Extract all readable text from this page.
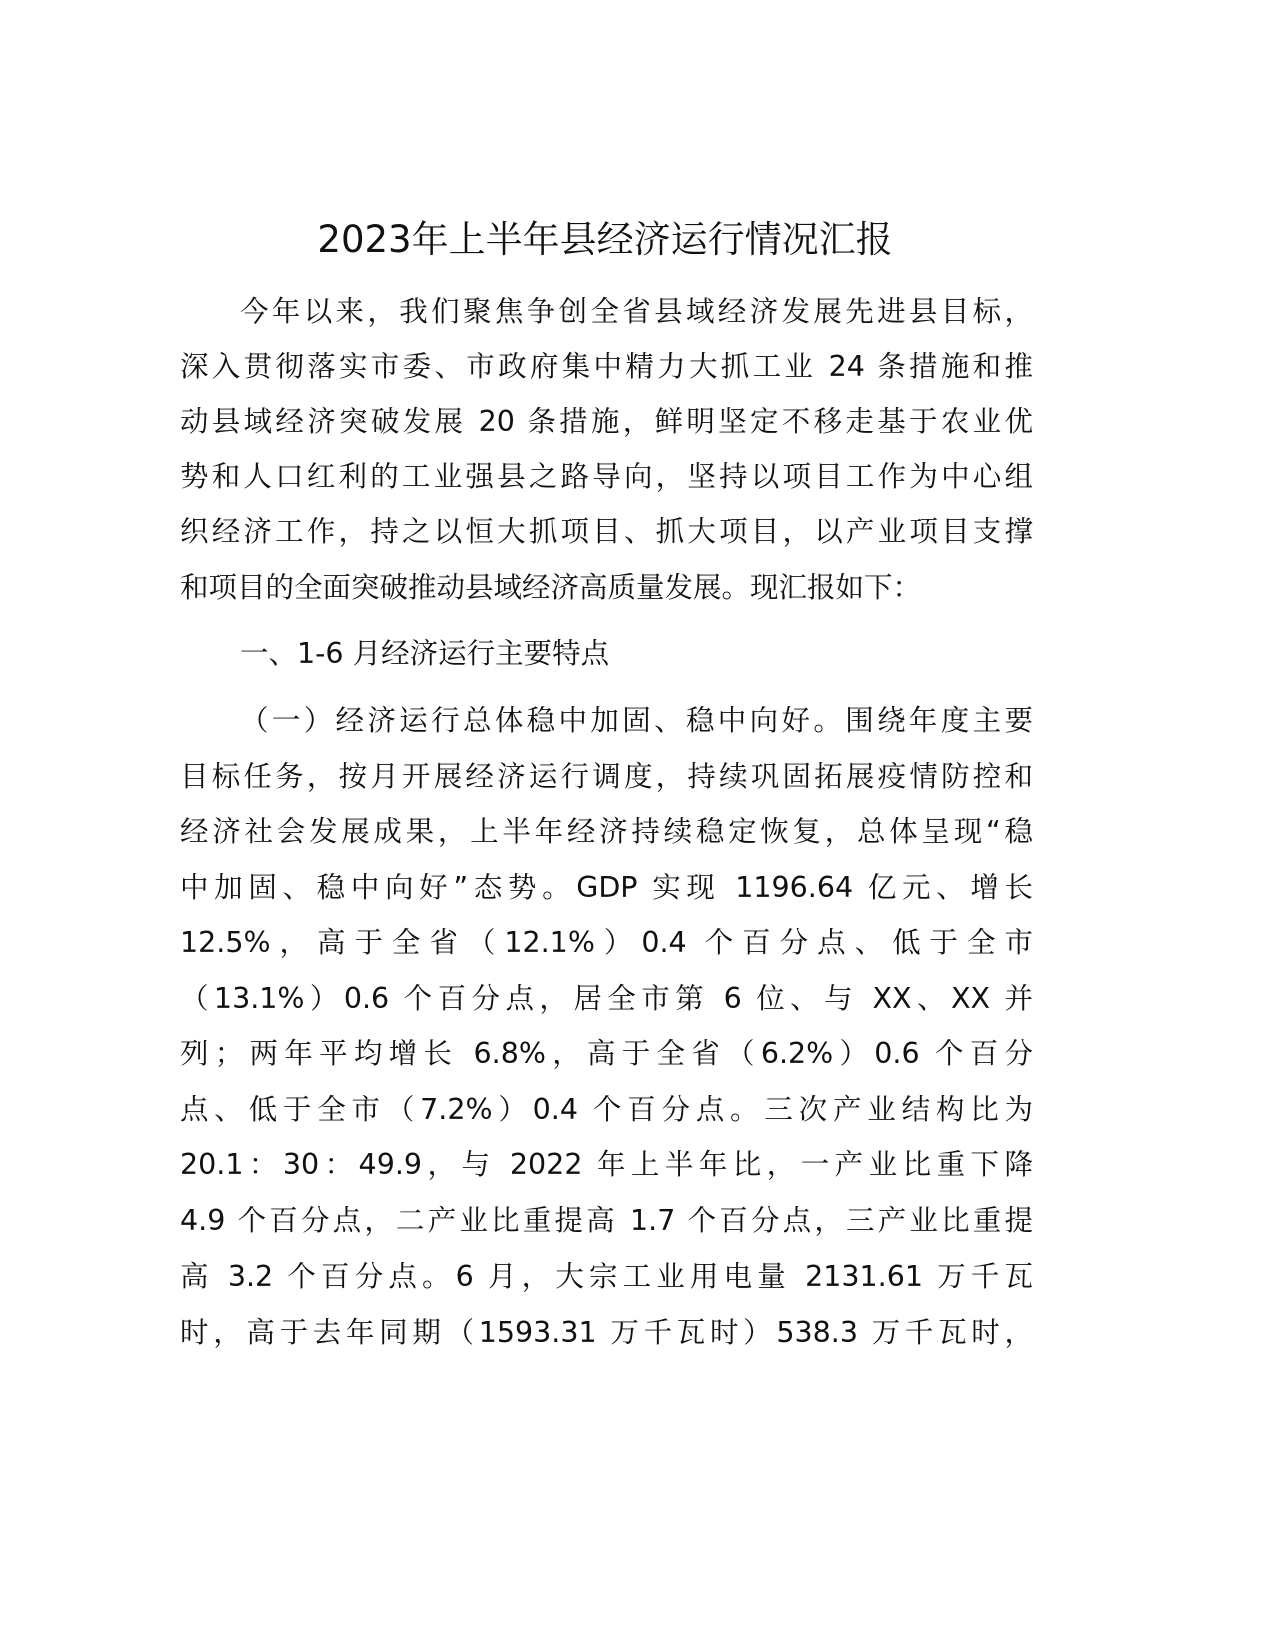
2023年上半年县经济运行情况汇报
今年以来，我们聚焦争创全省县域经济发展先进县目标，
深入贯彻落实市委、市政府集中精力大抓工业 24 条措施和推
动县域经济突破发展 20 条措施，鲜明坚定不移走基于农业优
势和人口红利的工业强县之路导向，坚持以项目工作为中心组
织经济工作，持之以恒大抓项目、抓大项目，以产业项目支撑
和项目的全面突破推动县域经济高质量发展。现汇报如下：
一、1-6 月经济运行主要特点
（一）经济运行总体稳中加固、稳中向好。围绕年度主要
目标任务，按月开展经济运行调度，持续巩固拓展疫情防控和
经济社会发展成果，上半年经济持续稳定恢复，总体呈现“稳
中加固、稳中向好”态势。GDP 实现 1196.64 亿元、增长
12.5%，高于全省（12.1%）0.4 个百分点、低于全市
（13.1%）0.6 个百分点，居全市第 6 位、与 XX、XX 并
列；两年平均增长 6.8%，高于全省（6.2%）0.6 个百分
点、低于全市（7.2%）0.4 个百分点。三次产业结构比为
20.1：30：49.9，与 2022 年上半年比，一产业比重下降
4.9 个百分点，二产业比重提高 1.7 个百分点，三产业比重提
高 3.2 个百分点。6 月，大宗工业用电量 2131.61 万千瓦
时，高于去年同期（1593.31 万千瓦时）538.3 万千瓦时，
